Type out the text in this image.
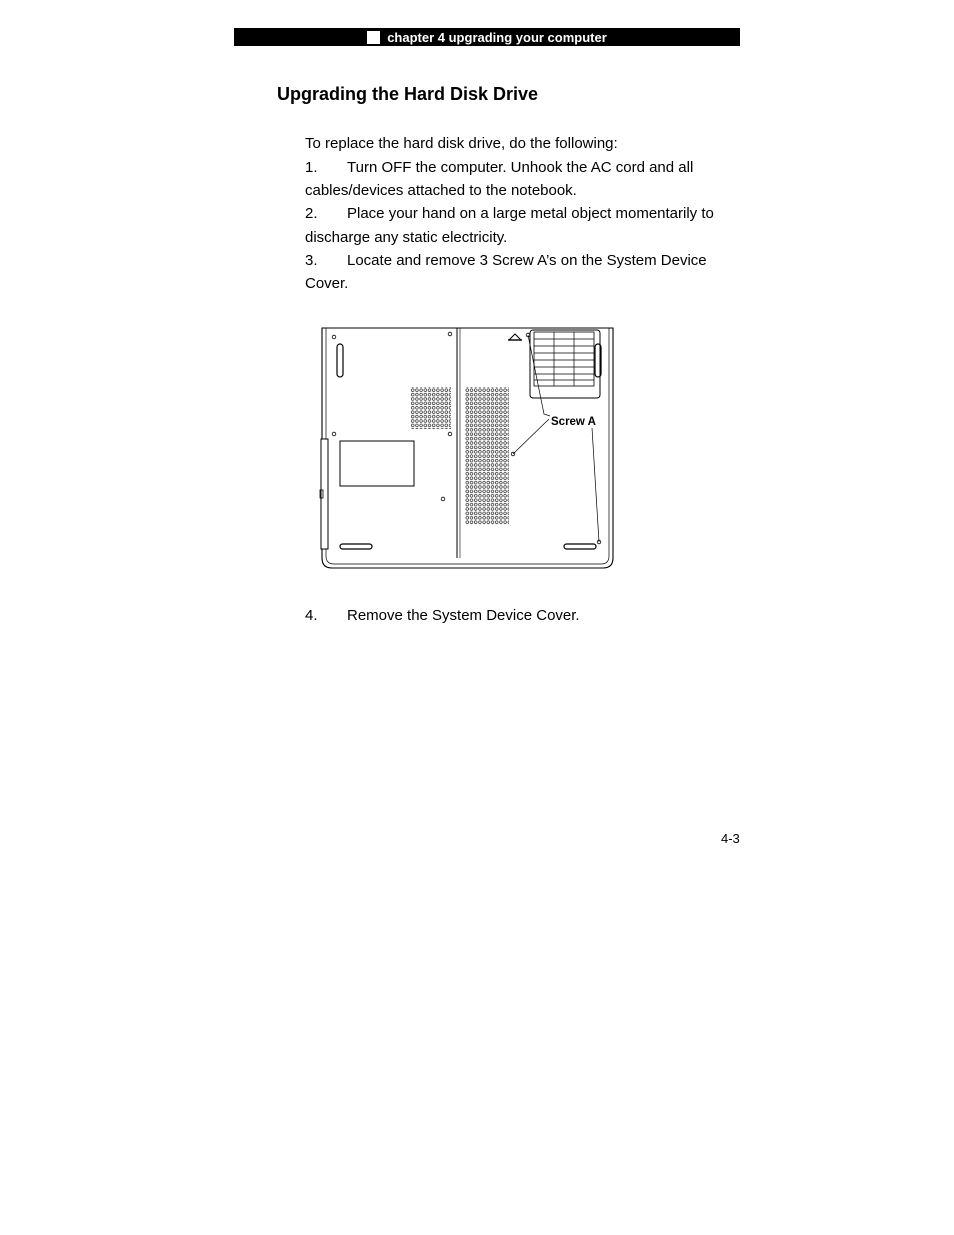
chapter 4 upgrading your computer
Upgrading the Hard Disk Drive
To replace the hard disk drive, do the following:
1. Turn OFF the computer. Unhook the AC cord and all
cables/devices attached to the notebook.
2. Place your hand on a large metal object momentarily to
discharge any static electricity.
3. Locate and remove 3 Screw A’s on the System Device
Cover.
Screw A
4. Remove the System Device Cover.
4-3
